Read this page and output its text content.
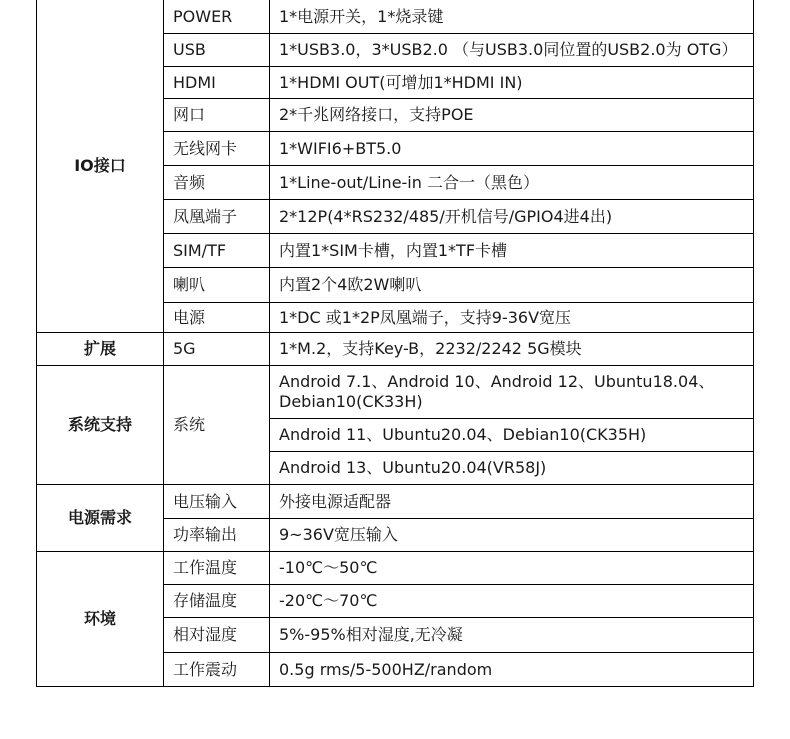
IO接口	POWER	1*电源开关，1*烧录键
	USB	1*USB3.0，3*USB2.0 （与USB3.0同位置的USB2.0为 OTG）
	HDMI	1*HDMI OUT(可增加1*HDMI IN)
	网口	2*千兆网络接口，支持POE
	无线网卡	1*WIFI6+BT5.0
	音频	1*Line-out/Line-in 二合一（黑色）
	凤凰端子	2*12P(4*RS232/485/开机信号/GPIO4进4出)
	SIM/TF	内置1*SIM卡槽，内置1*TF卡槽
	喇叭	内置2个4欧2W喇叭
	电源	1*DC 或1*2P凤凰端子，支持9-36V宽压
扩展	5G	1*M.2，支持Key-B，2232/2242 5G模块
系统支持	系统	Android 7.1、Android 10、Android 12、Ubuntu18.04、Debian10(CK33H)
		Android 11、Ubuntu20.04、Debian10(CK35H)
		Android 13、Ubuntu20.04(VR58J)
电源需求	电压输入	外接电源适配器
	功率输出	9~36V宽压输入
环境	工作温度	-10℃～50℃
	存储温度	-20℃～70℃
	相对湿度	5%-95%相对湿度,无冷凝
	工作震动	0.5g rms/5-500HZ/random
